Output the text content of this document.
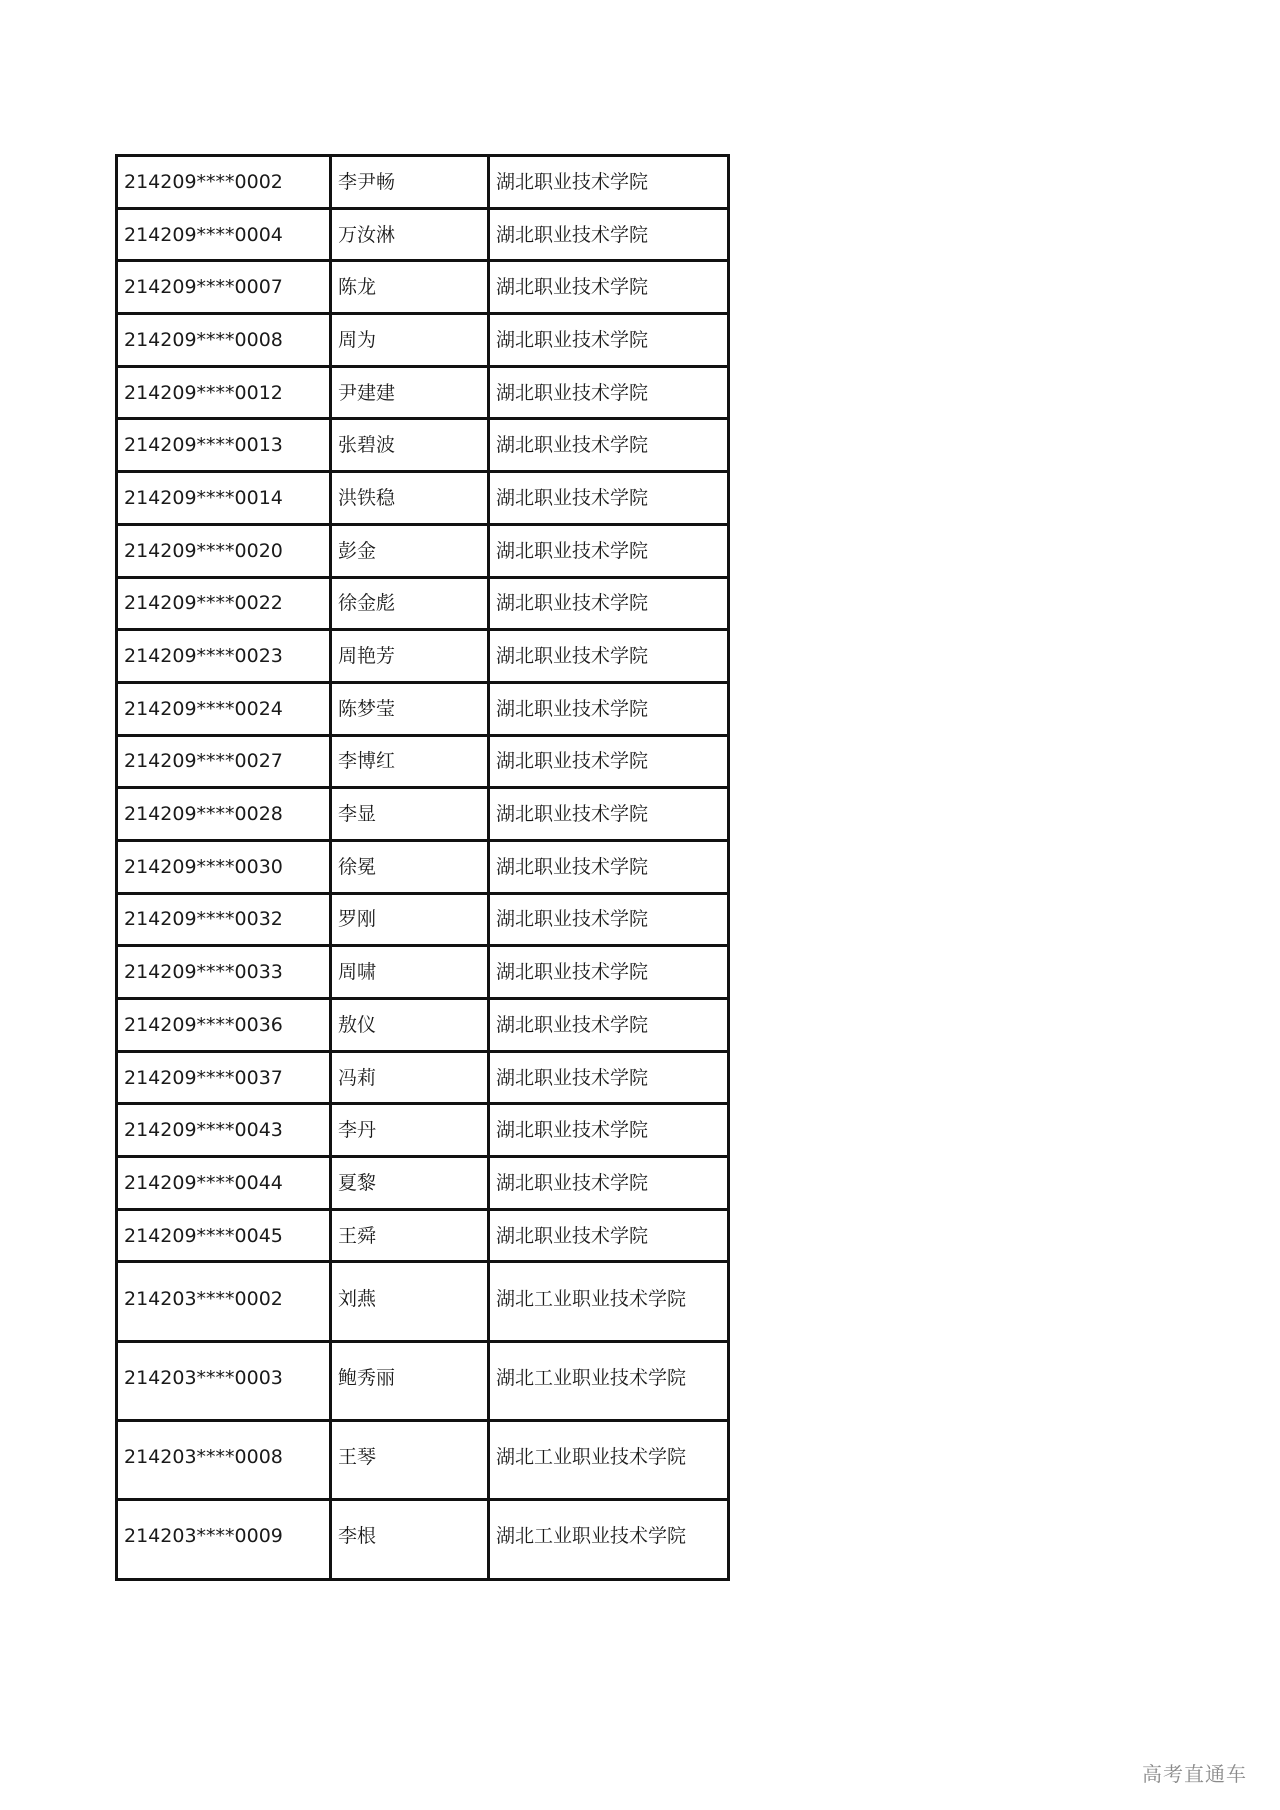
214209****0002	李尹畅	湖北职业技术学院
214209****0004	万汝淋	湖北职业技术学院
214209****0007	陈龙	湖北职业技术学院
214209****0008	周为	湖北职业技术学院
214209****0012	尹建建	湖北职业技术学院
214209****0013	张碧波	湖北职业技术学院
214209****0014	洪铁稳	湖北职业技术学院
214209****0020	彭金	湖北职业技术学院
214209****0022	徐金彪	湖北职业技术学院
214209****0023	周艳芳	湖北职业技术学院
214209****0024	陈梦莹	湖北职业技术学院
214209****0027	李博红	湖北职业技术学院
214209****0028	李显	湖北职业技术学院
214209****0030	徐冕	湖北职业技术学院
214209****0032	罗刚	湖北职业技术学院
214209****0033	周啸	湖北职业技术学院
214209****0036	敖仪	湖北职业技术学院
214209****0037	冯莉	湖北职业技术学院
214209****0043	李丹	湖北职业技术学院
214209****0044	夏黎	湖北职业技术学院
214209****0045	王舜	湖北职业技术学院
214203****0002	刘燕	湖北工业职业技术学院
214203****0003	鲍秀丽	湖北工业职业技术学院
214203****0008	王琴	湖北工业职业技术学院
214203****0009	李根	湖北工业职业技术学院
高考直通车
